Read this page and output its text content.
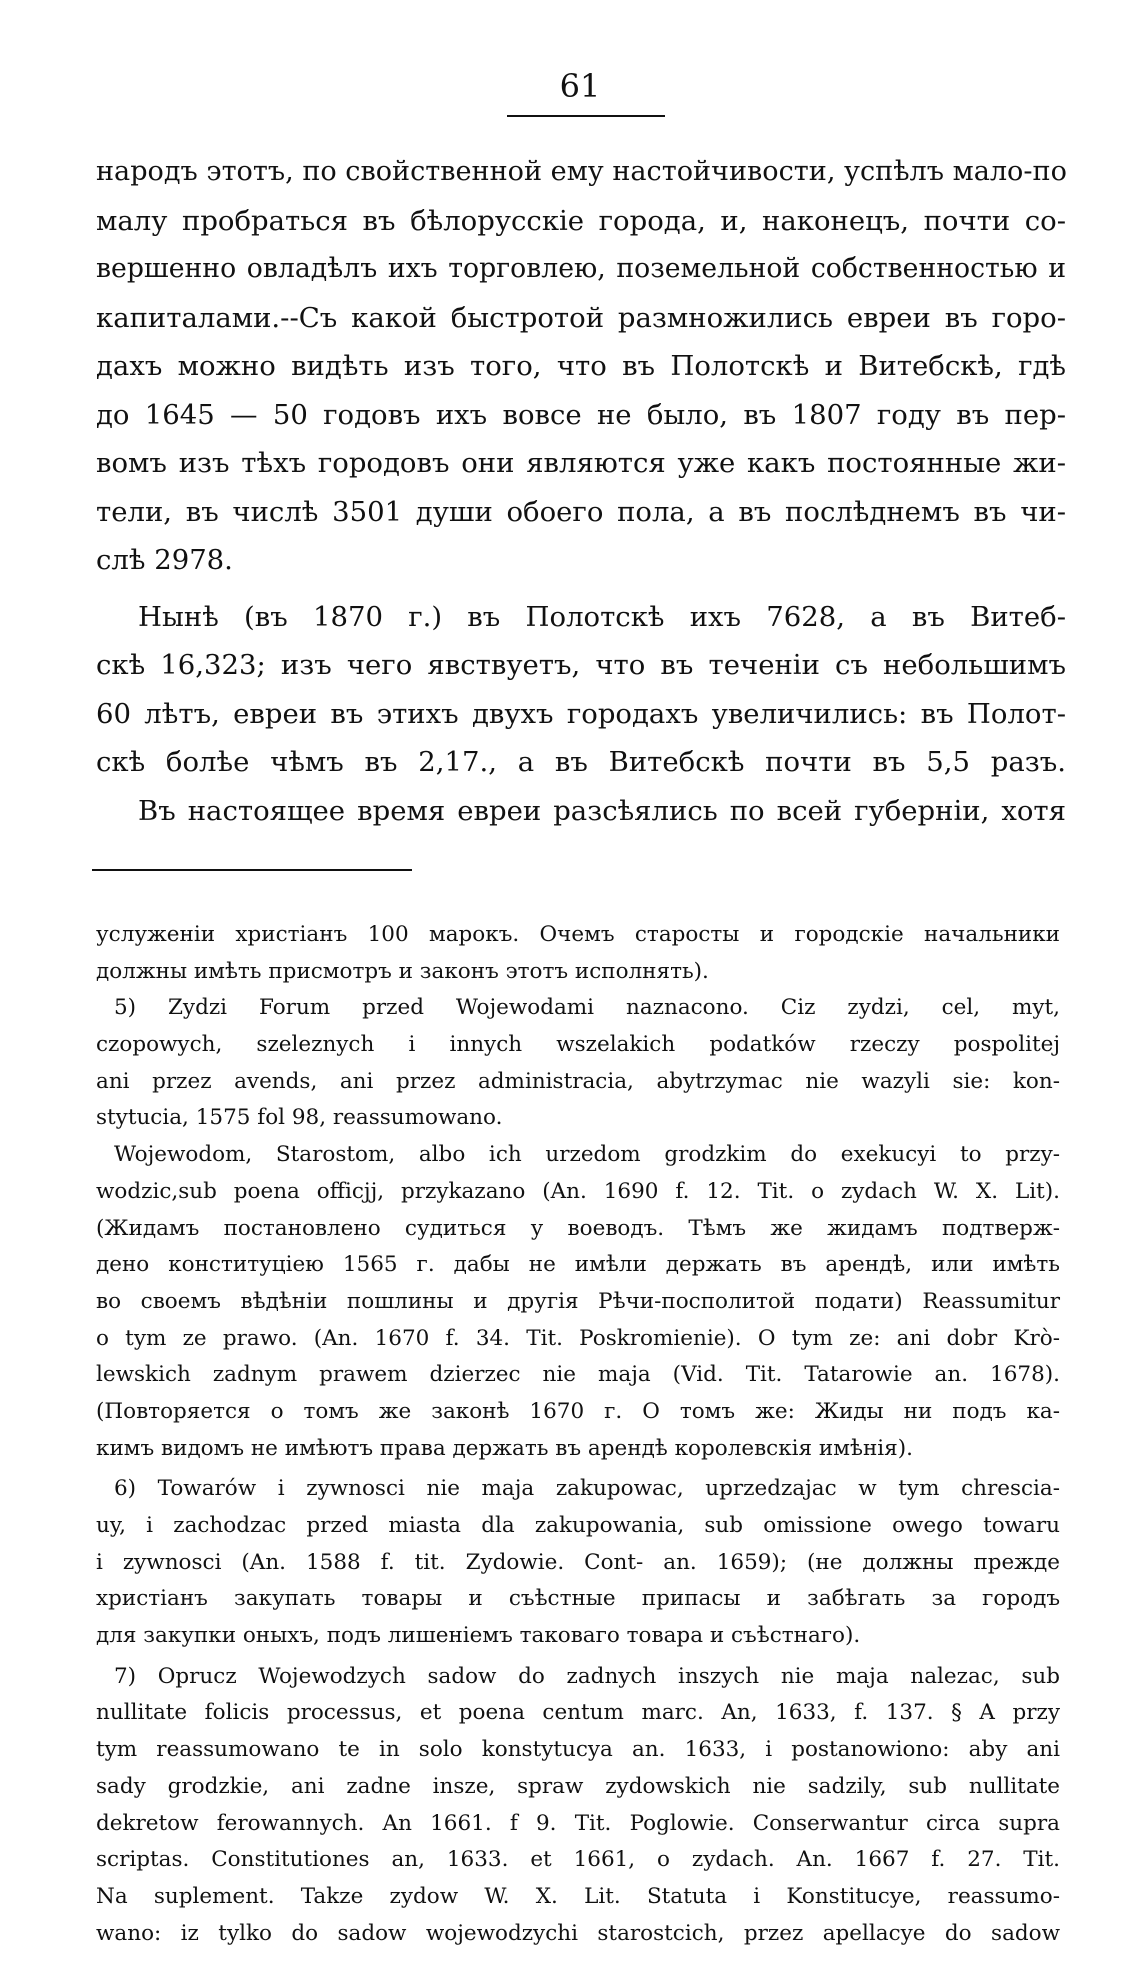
61
народъ этотъ, по свойственной ему настойчивости, успѣлъ мало-по
малу пробраться въ бѣлорусскіе города, и, наконецъ, почти со-
вершенно овладѣлъ ихъ торговлею, поземельной собственностью и
капиталами.--Съ какой быстротой размножились евреи въ горо-
дахъ можно видѣть изъ того, что въ Полотскѣ и Витебскѣ, гдѣ
до 1645 — 50 годовъ ихъ вовсе не было, въ 1807 году въ пер-
вомъ изъ тѣхъ городовъ они являются уже какъ постоянные жи-
тели, въ числѣ 3501 души обоего пола, а въ послѣднемъ въ чи-
слѣ 2978.
Нынѣ (въ 1870 г.) въ Полотскѣ ихъ 7628, а въ Витеб-
скѣ 16,323; изъ чего явствуетъ, что въ теченіи съ небольшимъ
60 лѣтъ, евреи въ этихъ двухъ городахъ увеличились: въ Полот-
скѣ болѣе чѣмъ въ 2,17., а въ Витебскѣ почти въ 5,5 разъ.
Въ настоящее время евреи разсѣялись по всей губерніи, хотя
услуженіи христіанъ 100 марокъ. Очемъ старосты и городскіе начальники
должны имѣть присмотръ и законъ этотъ исполнять).
5) Zydzi Forum przed Wojewodami naznacono. Ciz zydzi, cel, myt,
czopowych, szeleznych i innych wszelakich podatków rzeczy pospolitej
ani przez avends, ani przez administracia, abytrzymac nie wazyli sie: kon-
stytucia, 1575 fol 98, reassumowano.
Wojewodom, Starostom, albo ich urzedom grodzkim do exekucyi to przy-
wodzic,sub poena officjj, przykazano (An. 1690 f. 12. Tit. o zydach W. X. Lit).
(Жидамъ постановлено судиться у воеводъ. Тѣмъ же жидамъ подтверж-
дено конституціею 1565 г. дабы не имѣли держать въ арендѣ, или имѣть
во своемъ вѣдѣніи пошлины и другія Рѣчи-посполитой подати) Reassumitur
o tym ze prawo. (An. 1670 f. 34. Tit. Poskromienie). O tym ze: ani dobr Krò-
lewskich zadnym prawem dzierzec nie maja (Vid. Tit. Tatarowie an. 1678).
(Повторяется о томъ же законѣ 1670 г. О томъ же: Жиды ни подъ ка-
кимъ видомъ не имѣютъ права держать въ арендѣ королевскія имѣнія).
6) Towarów i zywnosci nie maja zakupowac, uprzedzajac w tym chrescia-
uy, i zachodzac przed miasta dla zakupowania, sub omissione owego towaru
i zywnosci (An. 1588 f. tit. Zydowie. Cont- an. 1659); (не должны прежде
христіанъ закупать товары и съѣстные припасы и забѣгать за городъ
для закупки оныхъ, подъ лишеніемъ таковаго товара и съѣстнаго).
7) Oprucz Wojewodzych sadow do zadnych inszych nie maja nalezac, sub
nullitate folicis processus, et poena centum marc. An, 1633, f. 137. § A przy
tym reassumowano te in solo konstytucya an. 1633, i postanowiono: aby ani
sady grodzkie, ani zadne insze, spraw zydowskich nie sadzily, sub nullitate
dekretow ferowannych. An 1661. f 9. Tit. Poglowie. Conserwantur circa supra
scriptas. Constitutiones an, 1633. et 1661, o zydach. An. 1667 f. 27. Tit.
Na suplement. Takze zydow W. X. Lit. Statuta i Konstitucye, reassumo-
wano: iz tylko do sadow wojewodzychi starostcich, przez apellacye do sadow
